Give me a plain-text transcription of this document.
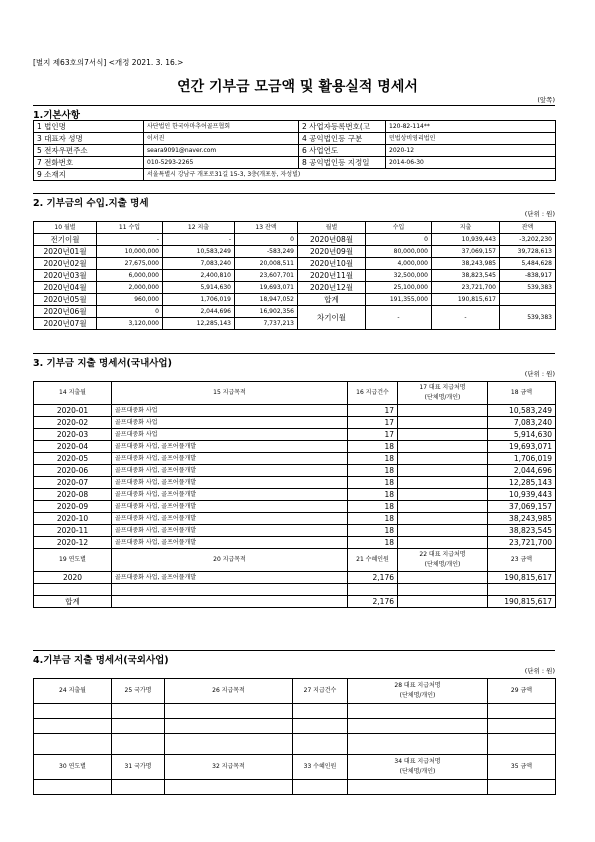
[별지 제63호의7서식] <개정 2021. 3. 16.>
연간 기부금 모금액 및 활용실적 명세서
(앞쪽)
1.기본사항
1 법인명	사단법인 한국아마추어골프협회	2 사업자등록번호(고	120-82-114**
3 대표자 성명	이서진	4 공익법인등 구분	민법상비영리법인
5 전자우편주소	seara9091@naver.com	6 사업연도	2020-12
7 전화번호	010-5293-2265	8 공익법인등 지정일	2014-06-30
9 소재지	서울특별시 강남구 개포로31길 15-3, 3층(개포동, 자성빌)		
2. 기부금의 수입.지출 명세
(단위 : 원)
10 월별	11 수입	12 지출	13 잔액	월별	수입	지출	잔액
전기이월	-	-	0	2020년08월	0	10,939,443	-3,202,230
2020년01월	10,000,000	10,583,249	-583,249	2020년09월	80,000,000	37,069,157	39,728,613
2020년02월	27,675,000	7,083,240	20,008,511	2020년10월	4,000,000	38,243,985	5,484,628
2020년03월	6,000,000	2,400,810	23,607,701	2020년11월	32,500,000	38,823,545	-838,917
2020년04월	2,000,000	5,914,630	19,693,071	2020년12월	25,100,000	23,721,700	539,383
2020년05월	960,000	1,706,019	18,947,052	합계	191,355,000	190,815,617	
2020년06월	0	2,044,696	16,902,356	차기이월	-	-	539,383
2020년07월	3,120,000	12,285,143	7,737,213				
3. 기부금 지출 명세서(국내사업)
(단위 : 원)
14 지출월	15 지급목적	16 지급건수	17 대표 지급처명
(단체명/개인)	18 금액
2020-01	골프대중화 사업	17		10,583,249
2020-02	골프대중화 사업	17		7,083,240
2020-03	골프대중화 사업	17		5,914,630
2020-04	골프대중화 사업, 골프어플개발	18		19,693,071
2020-05	골프대중화 사업, 골프어플개발	18		1,706,019
2020-06	골프대중화 사업, 골프어플개발	18		2,044,696
2020-07	골프대중화 사업, 골프어플개발	18		12,285,143
2020-08	골프대중화 사업, 골프어플개발	18		10,939,443
2020-09	골프대중화 사업, 골프어플개발	18		37,069,157
2020-10	골프대중화 사업, 골프어플개발	18		38,243,985
2020-11	골프대중화 사업, 골프어플개발	18		38,823,545
2020-12	골프대중화 사업, 골프어플개발	18		23,721,700
19 연도별	20 지급목적	21 수혜인원	22 대표 지급처명
(단체명/개인)	23 금액
2020	골프대중화 사업, 골프어플개발	2,176		190,815,617

합계		2,176		190,815,617
4.기부금 지출 명세서(국외사업)
(단위 : 원)
24 지출월	25 국가명	26 지급목적	27 지급건수	28 대표 지급처명
(단체명/개인)	29 금액

30 연도별	31 국가명	32 지급목적	33 수혜인원	34 대표 지급처명
(단체명/개인)	35 금액
